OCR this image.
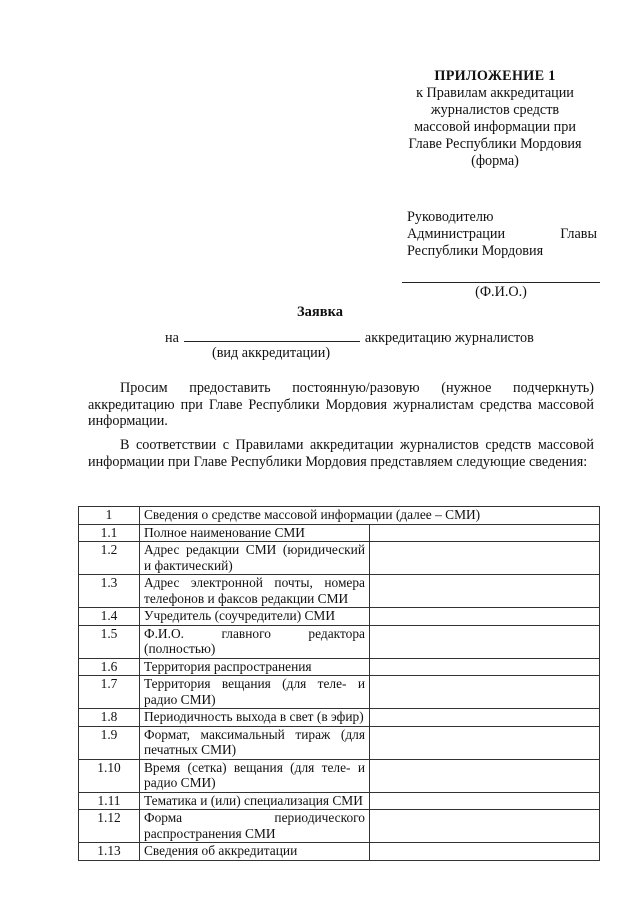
ПРИЛОЖЕНИЕ 1
к Правилам аккредитации
журналистов средств
массовой информации при
Главе Республики Мордовия
(форма)
Руководителю
Администрации	Главы
Республики Мордовия
(Ф.И.О.)
Заявка
на	аккредитацию журналистов
(вид аккредитации)
Просим предоставить постоянную/разовую (нужное подчеркнуть) аккредитацию при Главе Республики Мордовия журналистам средства массовой информации.
В соответствии с Правилами аккредитации журналистов средств массовой информации при Главе Республики Мордовия представляем следующие сведения:
1	Сведения о средстве массовой информации (далее – СМИ)	
1.1	Полное наименование СМИ	
1.2	Адрес редакции СМИ (юридический и фактический)	
1.3	Адрес электронной почты, номера телефонов и факсов редакции СМИ	
1.4	Учредитель (соучредители) СМИ	
1.5	Ф.И.О. главного редактора (полностью)	
1.6	Территория распространения	
1.7	Территория вещания (для теле- и радио СМИ)	
1.8	Периодичность выхода в свет (в эфир)	
1.9	Формат, максимальный тираж (для печатных СМИ)	
1.10	Время (сетка) вещания (для теле- и радио СМИ)	
1.11	Тематика и (или) специализация СМИ	
1.12	Форма периодического распространения СМИ	
1.13	Сведения об аккредитации	
